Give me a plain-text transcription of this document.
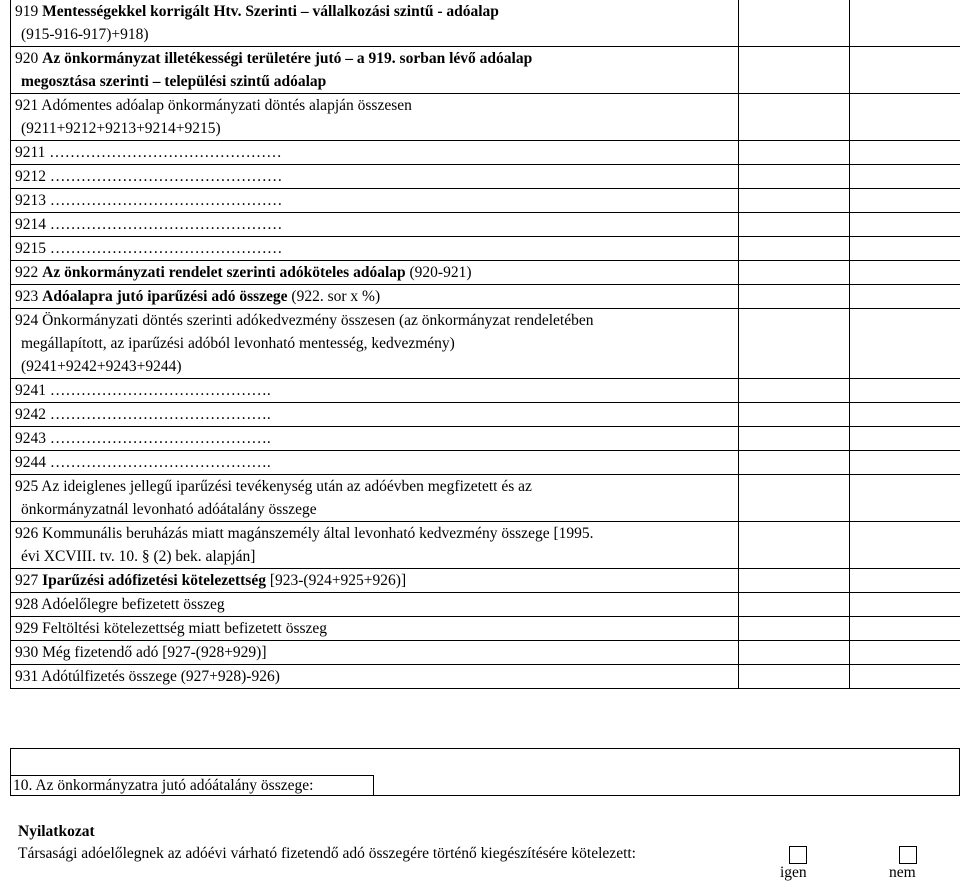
919 Mentességekkel korrigált Htv. Szerinti – vállalkozási szintű - adóalap
(915-916-917)+918)		

920 Az önkormányzat illetékességi területére jutó – a 919. sorban lévő adóalap
megosztása szerinti – települési szintű adóalap		

921 Adómentes adóalap önkormányzati döntés alapján összesen
(9211+9212+9213+9214+9215)		

9211 ………………………………………		

9212 ………………………………………		

9213 ………………………………………		

9214 ………………………………………		

9215 ………………………………………		

922 Az önkormányzati rendelet szerinti adóköteles adóalap (920-921)		

923 Adóalapra jutó iparűzési adó összege (922. sor x %)		

924 Önkormányzati döntés szerinti adókedvezmény összesen (az önkormányzat rendeletében
megállapított, az iparűzési adóból levonható mentesség, kedvezmény)
(9241+9242+9243+9244)		

9241 …………………………………….		

9242 …………………………………….		

9243 …………………………………….		

9244 …………………………………….		

925 Az ideiglenes jellegű iparűzési tevékenység után az adóévben megfizetett és az
önkormányzatnál levonható adóátalány összege		

926 Kommunális beruházás miatt magánszemély által levonható kedvezmény összege [1995.
évi XCVIII. tv. 10. § (2) bek. alapján]		

927 Iparűzési adófizetési kötelezettség [923-(924+925+926)]		

928 Adóelőlegre befizetett összeg		

929 Feltöltési kötelezettség miatt befizetett összeg		

930 Még fizetendő adó [927-(928+929)]		

931 Adótúlfizetés összege (927+928)-926)		

10. Az önkormányzatra jutó adóátalány összege:
Nyilatkozat
Társasági adóelőlegnek az adóévi várható fizetendő adó összegére történő kiegészítésére kötelezett:
igen	nem
